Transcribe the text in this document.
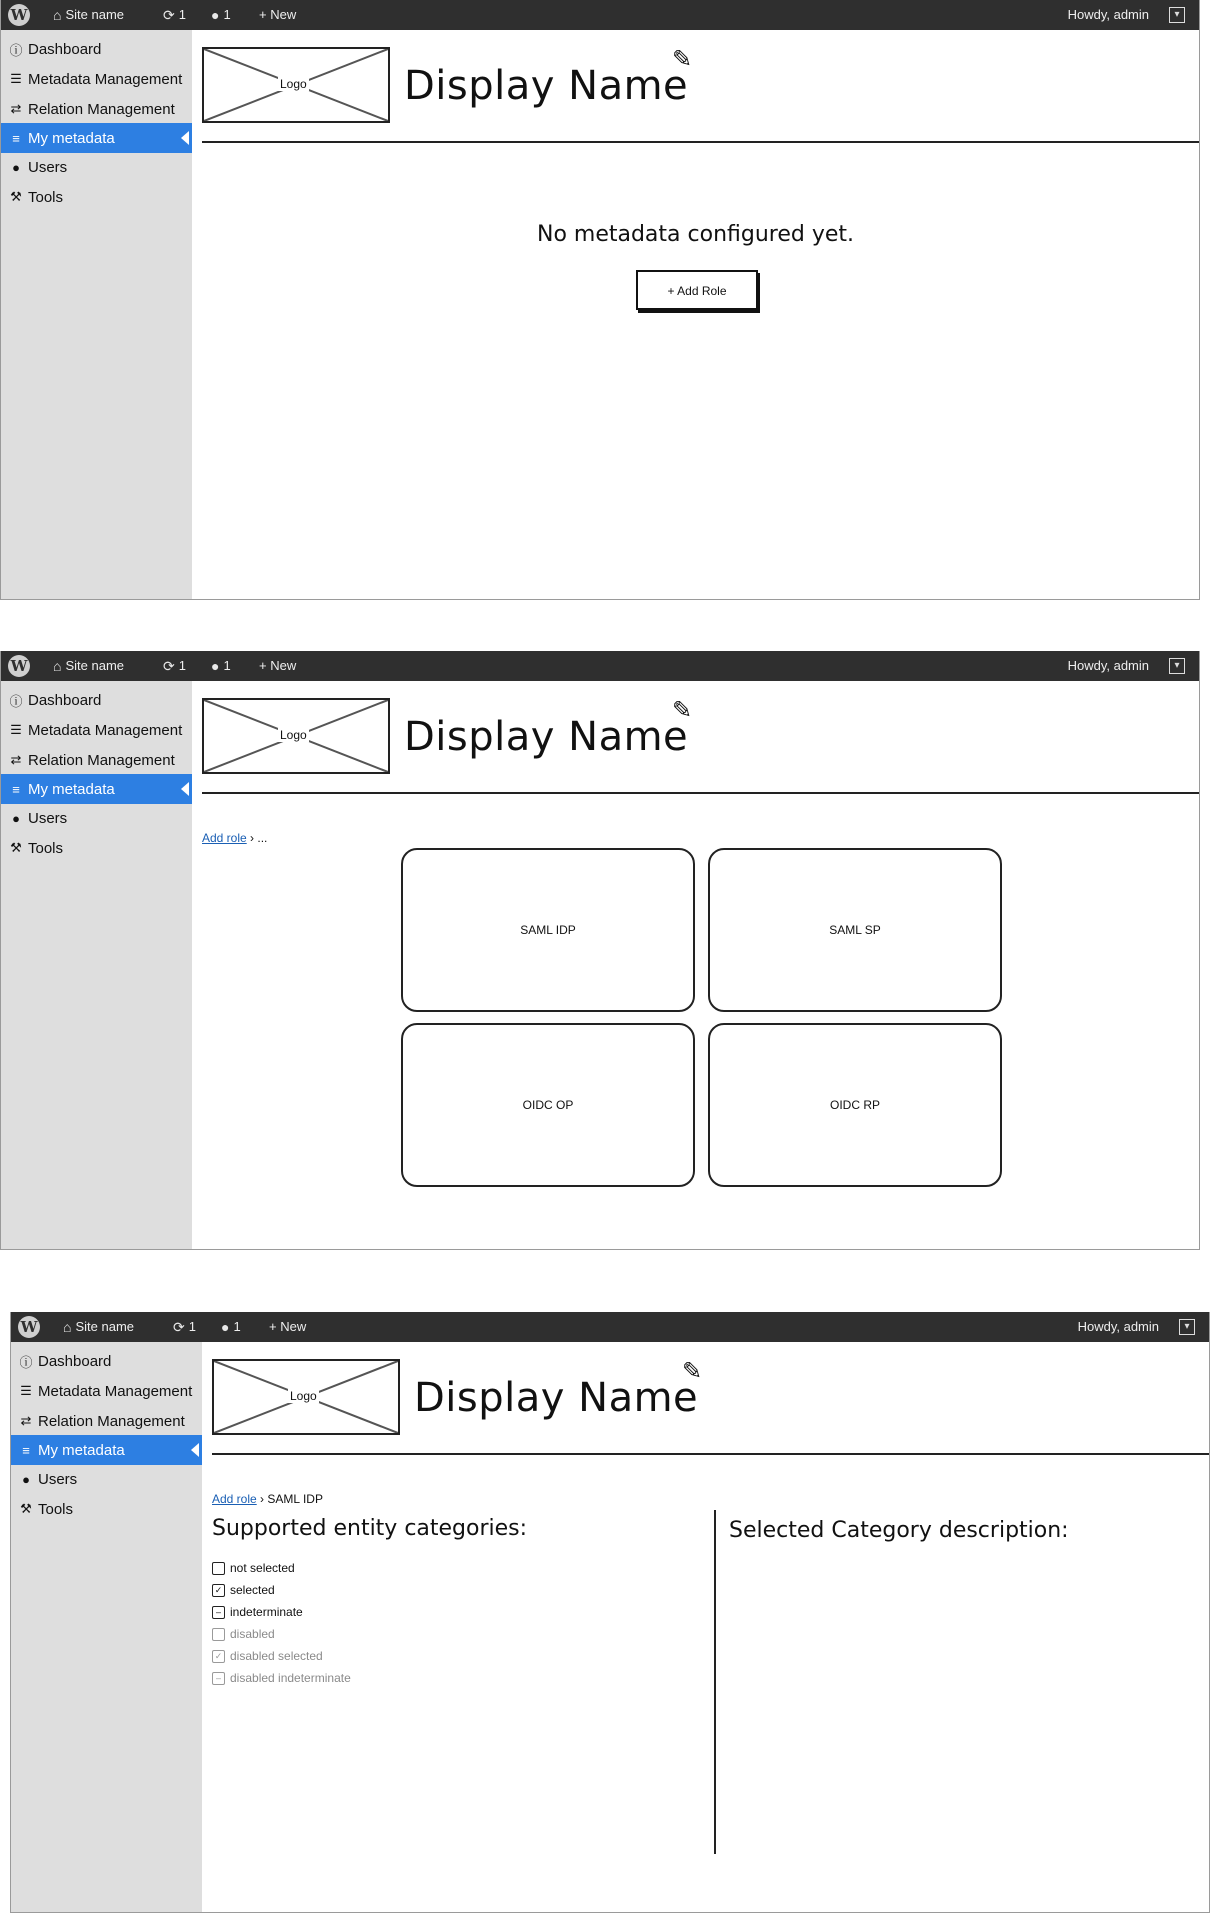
W ⌂ Site name	⟳ 1 ● 1 + New	Howdy, admin	▾
ⓘ Dashboard
☰ Metadata Management
⇄ Relation Management
≡ My metadata
● Users
⚒ Tools
Logo Display Name
✎
No metadata configured yet.
+ Add Role
W ⌂ Site name	⟳ 1 ● 1 + New	Howdy, admin	▾
ⓘ Dashboard
☰ Metadata Management
⇄ Relation Management
≡ My metadata
● Users
⚒ Tools
Logo Display Name
✎
Add role › ...
SAML IDP	SAML SP
OIDC OP	OIDC RP
W ⌂ Site name	⟳ 1 ● 1 + New	Howdy, admin	▾
ⓘ Dashboard
☰ Metadata Management
⇄ Relation Management
≡ My metadata
● Users
⚒ Tools
Logo Display Name
✎
Add role › SAML IDP
Supported entity categories:	Selected Category description:
not selected
✓ selected
– indeterminate
disabled
✓ disabled selected
– disabled indeterminate
